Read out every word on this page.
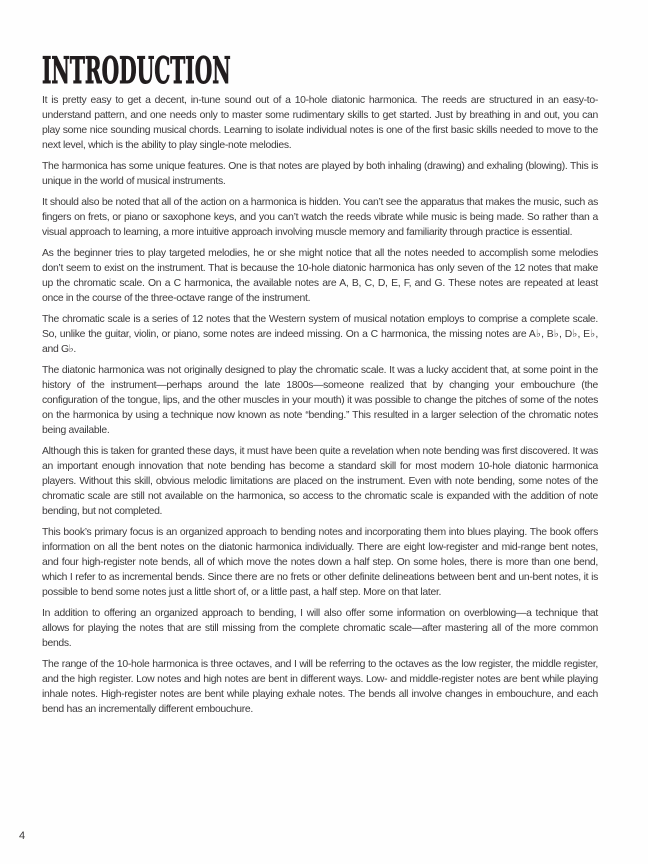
INTRODUCTION

It is pretty easy to get a decent, in-tune sound out of a 10-hole diatonic harmonica. The reeds are structured in an easy-to-understand pattern, and one needs only to master some rudimentary skills to get started. Just by breathing in and out, you can play some nice sounding musical chords. Learning to isolate individual notes is one of the first basic skills needed to move to the next level, which is the ability to play single-note melodies.

The harmonica has some unique features. One is that notes are played by both inhaling (drawing) and exhaling (blowing). This is unique in the world of musical instruments.

It should also be noted that all of the action on a harmonica is hidden. You can’t see the apparatus that makes the music, such as fingers on frets, or piano or saxophone keys, and you can’t watch the reeds vibrate while music is being made. So rather than a visual approach to learning, a more intuitive approach involving muscle memory and familiarity through practice is essential.

As the beginner tries to play targeted melodies, he or she might notice that all the notes needed to accomplish some melodies don’t seem to exist on the instrument. That is because the 10-hole diatonic harmonica has only seven of the 12 notes that make up the chromatic scale. On a C harmonica, the available notes are A, B, C, D, E, F, and G. These notes are repeated at least once in the course of the three-octave range of the instrument.

The chromatic scale is a series of 12 notes that the Western system of musical notation employs to comprise a complete scale. So, unlike the guitar, violin, or piano, some notes are indeed missing. On a C harmonica, the missing notes are A♭, B♭, D♭, E♭, and G♭.

The diatonic harmonica was not originally designed to play the chromatic scale. It was a lucky accident that, at some point in the history of the instrument—perhaps around the late 1800s—someone realized that by changing your embouchure (the configuration of the tongue, lips, and the other muscles in your mouth) it was possible to change the pitches of some of the notes on the harmonica by using a technique now known as note “bending.” This resulted in a larger selection of the chromatic notes being available.

Although this is taken for granted these days, it must have been quite a revelation when note bending was first discovered. It was an important enough innovation that note bending has become a standard skill for most modern 10-hole diatonic harmonica players. Without this skill, obvious melodic limitations are placed on the instrument. Even with note bending, some notes of the chromatic scale are still not available on the harmonica, so access to the chromatic scale is expanded with the addition of note bending, but not completed.

This book’s primary focus is an organized approach to bending notes and incorporating them into blues playing. The book offers information on all the bent notes on the diatonic harmonica individually. There are eight low-register and mid-range bent notes, and four high-register note bends, all of which move the notes down a half step. On some holes, there is more than one bend, which I refer to as incremental bends. Since there are no frets or other definite delineations between bent and un-bent notes, it is possible to bend some notes just a little short of, or a little past, a half step. More on that later.

In addition to offering an organized approach to bending, I will also offer some information on overblowing—a technique that allows for playing the notes that are still missing from the complete chromatic scale—after mastering all of the more common bends.

The range of the 10-hole harmonica is three octaves, and I will be referring to the octaves as the low register, the middle register, and the high register. Low notes and high notes are bent in different ways. Low- and middle-register notes are bent while playing inhale notes. High-register notes are bent while playing exhale notes. The bends all involve changes in embouchure, and each bend has an incrementally different embouchure.

4
